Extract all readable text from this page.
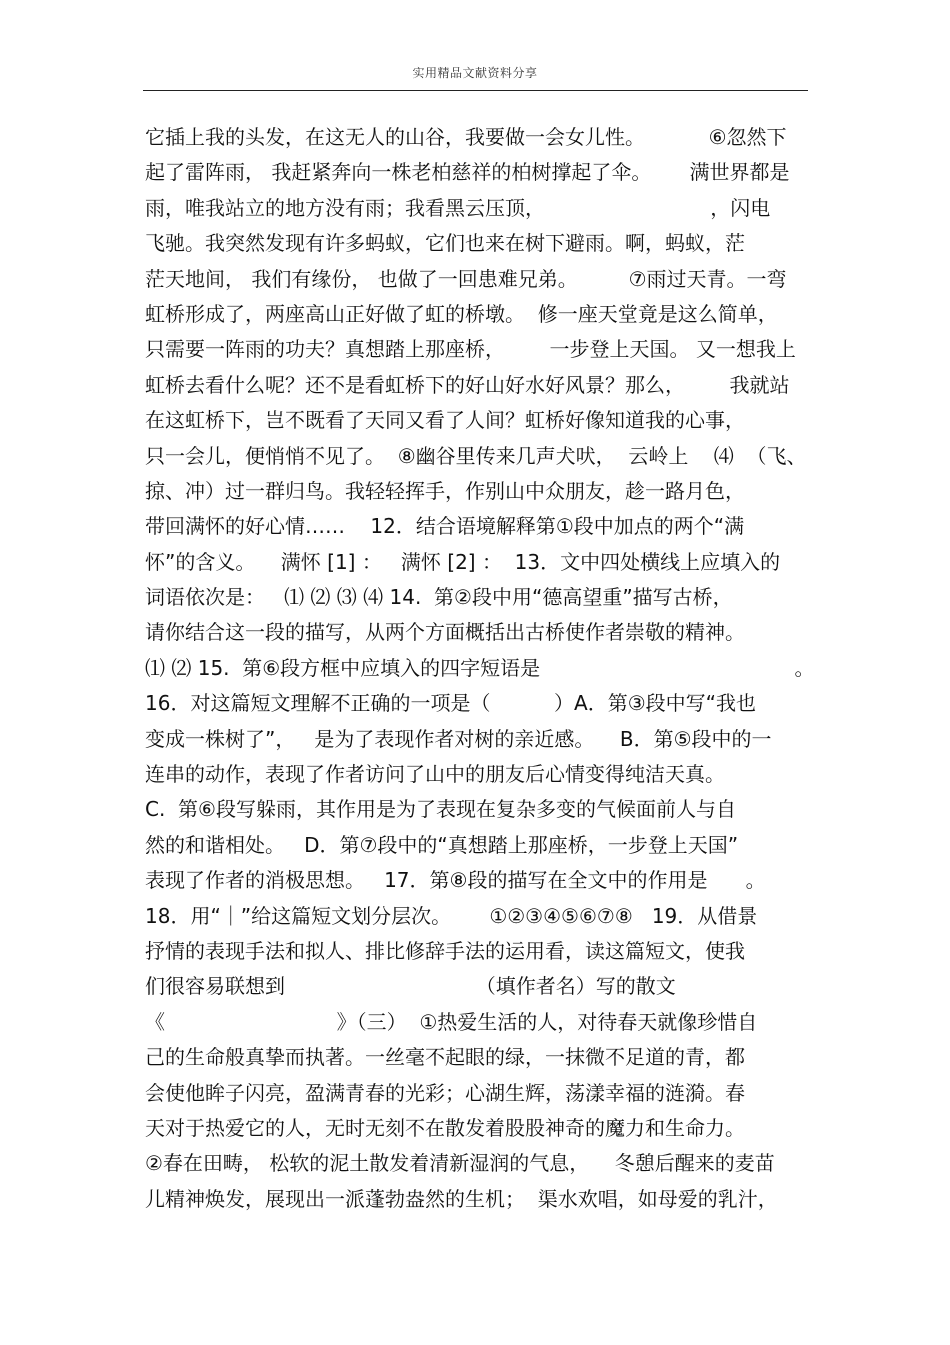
实用精品文献资料分享
它插上我的头发，在这无人的山谷，我要做一会女儿性。          ⑥忽然下
起了雷阵雨， 我赶紧奔向一株老柏慈祥的柏树撑起了伞。      满世界都是
雨，唯我站立的地方没有雨；我看黑云压顶，                          ，闪电
飞驰。我突然发现有许多蚂蚁，它们也来在树下避雨。啊，蚂蚁，茫
茫天地间， 我们有缘份， 也做了一回患难兄弟。        ⑦雨过天青。一弯
虹桥形成了，两座高山正好做了虹的桥墩。  修一座天堂竟是这么简单，
只需要一阵雨的功夫？真想踏上那座桥，       一步登上天国。 又一想我上
虹桥去看什么呢？还不是看虹桥下的好山好水好风景？那么，       我就站
在这虹桥下，岂不既看了天同又看了人间？虹桥好像知道我的心事，
只一会儿，便悄悄不见了。  ⑧幽谷里传来几声犬吠，  云岭上    ⑷  （飞、
掠、冲）过一群归鸟。我轻轻挥手，作别山中众朋友，趁一路月色，
带回满怀的好心情……    12．结合语境解释第①段中加点的两个“满
怀”的含义。    满怀 [1] ：   满怀 [2] ：  13．文中四处横线上应填入的
词语依次是：   ⑴ ⑵ ⑶ ⑷ 14.  第②段中用“德高望重”描写古桥，
请你结合这一段的描写，从两个方面概括出古桥使作者崇敬的精神。
⑴ ⑵ 15.  第⑥段方框中应填入的四字短语是                                        。
16．对这篇短文理解不正确的一项是（          ）A．第③段中写“我也
变成一株树了”，   是为了表现作者对树的亲近感。    B．第⑤段中的一
连串的动作，表现了作者访问了山中的朋友后心情变得纯洁天真。
C.  第⑥段写躲雨，其作用是为了表现在复杂多变的气候面前人与自
然的和谐相处。   D．第⑦段中的“真想踏上那座桥，一步登上天国”
表现了作者的消极思想。   17．第⑧段的描写在全文中的作用是      。
18．用“｜”给这篇短文划分层次。      ①②③④⑤⑥⑦⑧   19．从借景
抒情的表现手法和拟人、排比修辞手法的运用看，读这篇短文，使我
们很容易联想到                              （填作者名）写的散文
《                           》（三）  ①热爱生活的人，对待春天就像珍惜自
己的生命般真挚而执著。一丝毫不起眼的绿，一抹微不足道的青，都
会使他眸子闪亮，盈满青春的光彩；心湖生辉，荡漾幸福的涟漪。春
天对于热爱它的人，无时无刻不在散发着股股神奇的魔力和生命力。
②春在田畴， 松软的泥土散发着清新湿润的气息，    冬憩后醒来的麦苗
儿精神焕发，展现出一派蓬勃盎然的生机；  渠水欢唱，如母爱的乳汁，
